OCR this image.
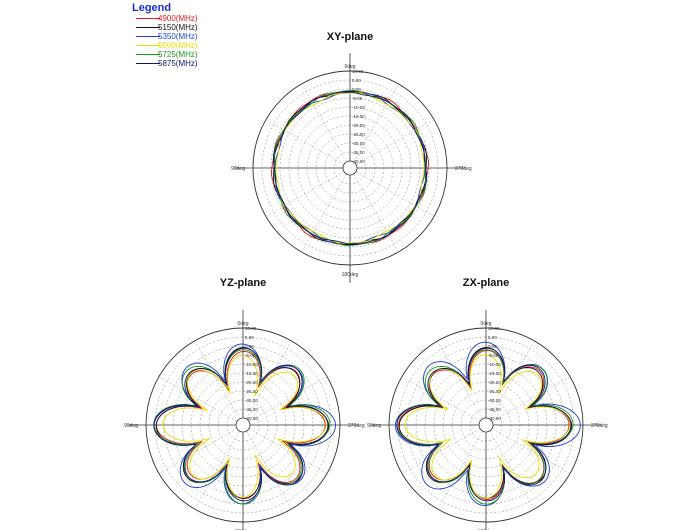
Legend
4900(MHz)
5150(MHz)
5350(MHz)
5500(MHz)
5725(MHz)
5875(MHz)
XY-plane
10.00
5.00
0.00
-5.00
-10.00
-15.00
-20.00
-25.00
-30.00
-35.00
-40.00
0deg
180deg
90deg	270deg
YZ-plane
10.00
5.00
0.00
-5.00
-10.00
-15.00
-20.00
-25.00
-30.00
-35.00
-40.00
0deg
90deg	270deg
ZX-plane
10.00
5.00
0.00
-5.00
-10.00
-15.00
-20.00
-25.00
-30.00
-35.00
-40.00
0deg
90deg	270deg
